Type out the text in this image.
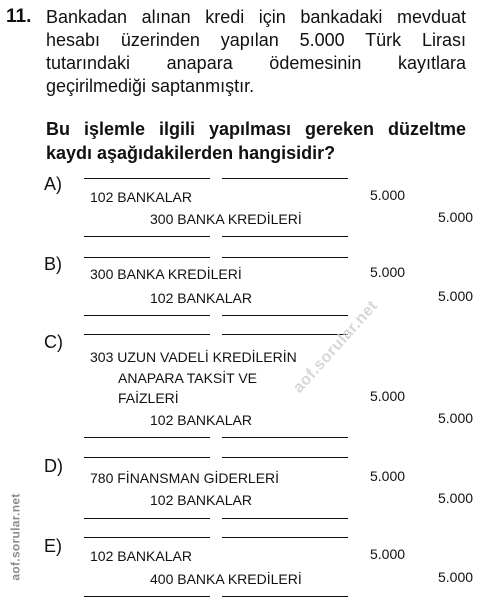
11. Bankadan alınan kredi için bankadaki mevduat
hesabı üzerinden yapılan 5.000 Türk Lirası
tutarındaki anapara ödemesinin kayıtlara
geçirilmediği saptanmıştır.
Bu işlemle ilgili yapılması gereken düzeltme
kaydı aşağıdakilerden hangisidir?
A)
102 BANKALAR	5.000
300 BANKA KREDİLERİ	5.000
B) 300 BANKA KREDİLERİ	5.000
102 BANKALAR	5.000
C)
303 UZUN VADELİ KREDİLERİN
ANAPARA TAKSİT VE
FAİZLERİ	5.000
102 BANKALAR	5.000
D)
780 FİNANSMAN GİDERLERİ	5.000
102 BANKALAR	5.000
E) 102 BANKALAR	5.000
400 BANKA KREDİLERİ	5.000
aof.sorular.net
aof.sorular.net
